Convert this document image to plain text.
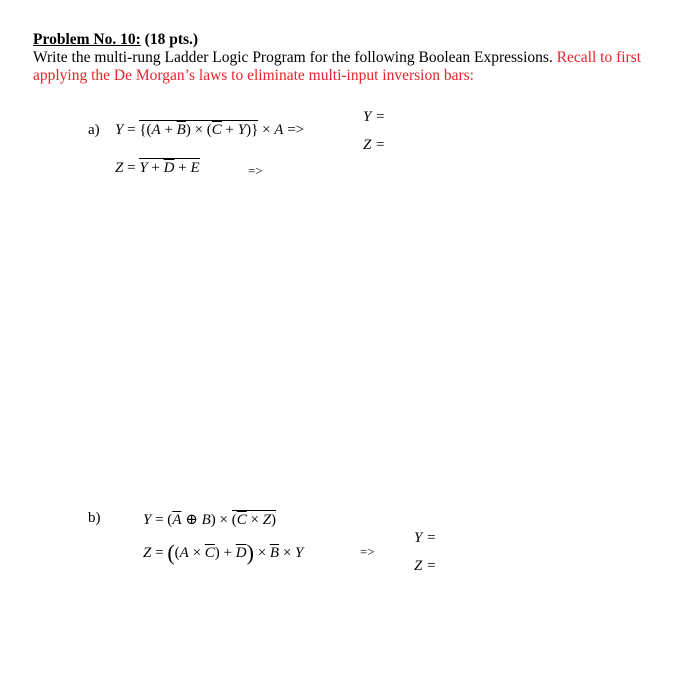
Problem No. 10: (18 pts.)
Write the multi-rung Ladder Logic Program for the following Boolean Expressions. Recall to first
applying the De Morgan’s laws to eliminate multi-input inversion bars:
a) $Y = \{(A + \overline{B}) \times (\overline{C} + Y)\} \times A$ =>
Y =
Z =
$Z = Y + \overline{D} + E$	=>
b)	$Y = (\overline{A}$ ⊕ $B) \times (\overline{C} \times Z)$
$Z = ((A \times \overline{C}) + \overline{D}) \times \overline{B} \times Y$	=>
Y =
Z =
